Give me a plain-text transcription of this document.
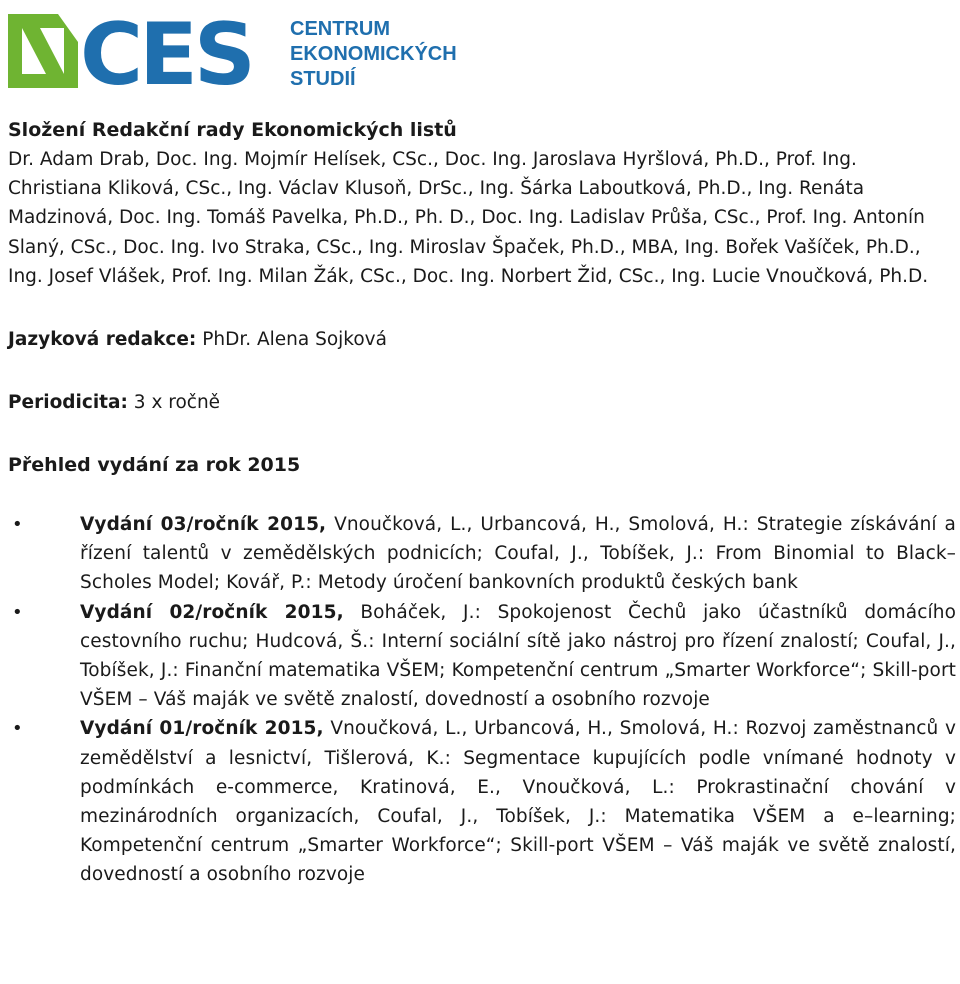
CES CENTRUM
EKONOMICKÝCH
STUDIÍ
Složení Redakční rady Ekonomických listů

Dr. Adam Drab, Doc. Ing. Mojmír Helísek, CSc., Doc. Ing. Jaroslava Hyršlová, Ph.D., Prof. Ing. Christiana Kliková, CSc., Ing. Václav Klusoň, DrSc., Ing. Šárka Laboutková, Ph.D., Ing. Renáta Madzinová, Doc. Ing. Tomáš Pavelka, Ph.D., Ph. D., Doc. Ing. Ladislav Průša, CSc., Prof. Ing. Antonín Slaný, CSc., Doc. Ing. Ivo Straka, CSc., Ing. Miroslav Špaček, Ph.D., MBA, Ing. Bořek Vašíček, Ph.D., Ing. Josef Vlášek, Prof. Ing. Milan Žák, CSc., Doc. Ing. Norbert Žid, CSc., Ing. Lucie Vnoučková, Ph.D.

Jazyková redakce: PhDr. Alena Sojková

Periodicita: 3 x ročně

Přehled vydání za rok 2015

•	Vydání 03/ročník 2015, Vnoučková, L., Urbancová, H., Smolová, H.: Strategie získávání a řízení talentů v zemědělských podnicích; Coufal, J., Tobíšek, J.: From Binomial to Black–Scholes Model; Kovář, P.: Metody úročení bankovních produktů českých bank
•	Vydání 02/ročník 2015, Boháček, J.: Spokojenost Čechů jako účastníků domácího cestovního ruchu; Hudcová, Š.: Interní sociální sítě jako nástroj pro řízení znalostí; Coufal, J., Tobíšek, J.: Finanční matematika VŠEM; Kompetenční centrum „Smarter Workforce“; Skill-port VŠEM – Váš maják ve světě znalostí, dovedností a osobního rozvoje
•	Vydání 01/ročník 2015, Vnoučková, L., Urbancová, H., Smolová, H.: Rozvoj zaměstnanců v zemědělství a lesnictví, Tišlerová, K.: Segmentace kupujících podle vnímané hodnoty v podmínkách e-commerce, Kratinová, E., Vnoučková, L.: Prokrastinační chování v mezinárodních organizacích, Coufal, J., Tobíšek, J.: Matematika VŠEM a e–learning; Kompetenční centrum „Smarter Workforce“; Skill-port VŠEM – Váš maják ve světě znalostí, dovedností a osobního rozvoje
